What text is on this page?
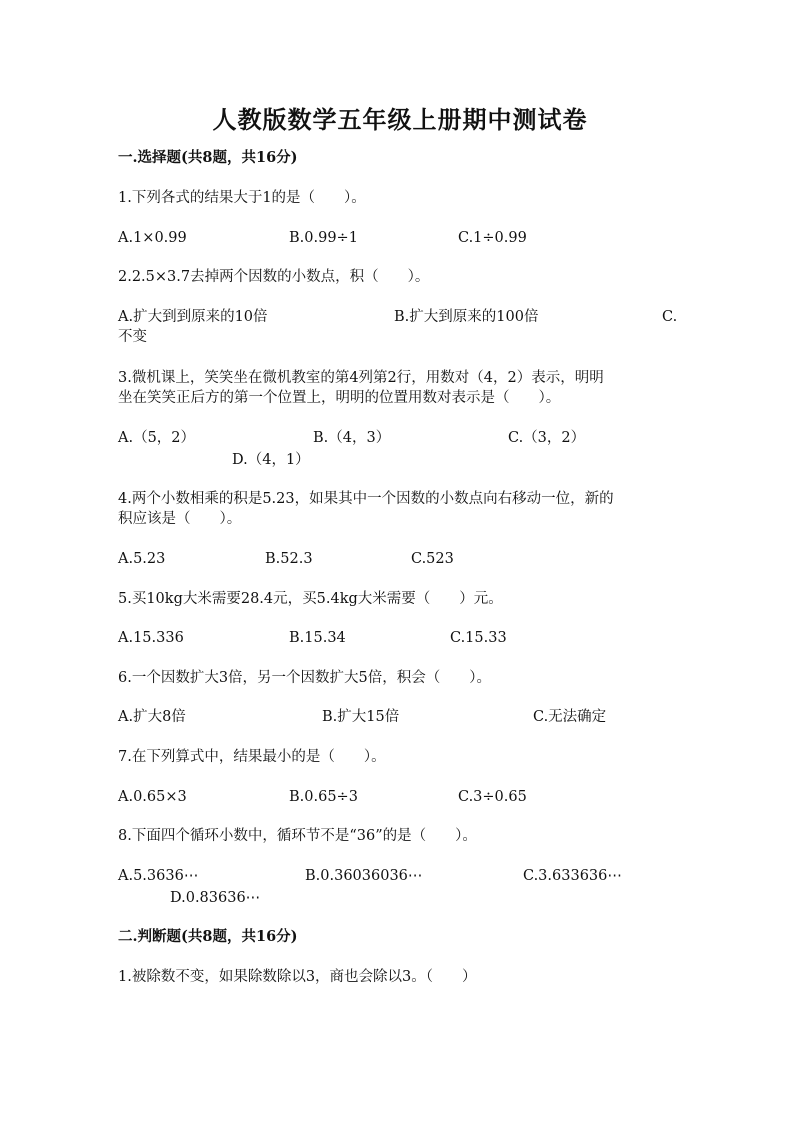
人教版数学五年级上册期中测试卷
一.选择题(共8题，共16分)
1.下列各式的结果大于1的是（　　）。
A.1×0.99	B.0.99÷1	C.1÷0.99
2.2.5×3.7去掉两个因数的小数点，积（　　）。
A.扩大到到原来的10倍	B.扩大到原来的100倍	C.
不变
3.微机课上，笑笑坐在微机教室的第4列第2行，用数对（4，2）表示，明明
坐在笑笑正后方的第一个位置上，明明的位置用数对表示是（　　）。
A.（5，2）	B.（4，3）	C.（3，2）
D.（4，1）
4.两个小数相乘的积是5.23，如果其中一个因数的小数点向右移动一位，新的
积应该是（　　）。
A.5.23	B.52.3	C.523
5.买10kg大米需要28.4元，买5.4kg大米需要（　　）元。
A.15.336	B.15.34	C.15.33
6.一个因数扩大3倍，另一个因数扩大5倍，积会（　　）。
A.扩大8倍	B.扩大15倍	C.无法确定
7.在下列算式中，结果最小的是（　　）。
A.0.65×3	B.0.65÷3	C.3÷0.65
8.下面四个循环小数中，循环节不是“36”的是（　　）。
A.5.3636⋯	B.0.36036036⋯	C.3.633636⋯
D.0.83636⋯
二.判断题(共8题，共16分)
1.被除数不变，如果除数除以3，商也会除以3。（　　）
